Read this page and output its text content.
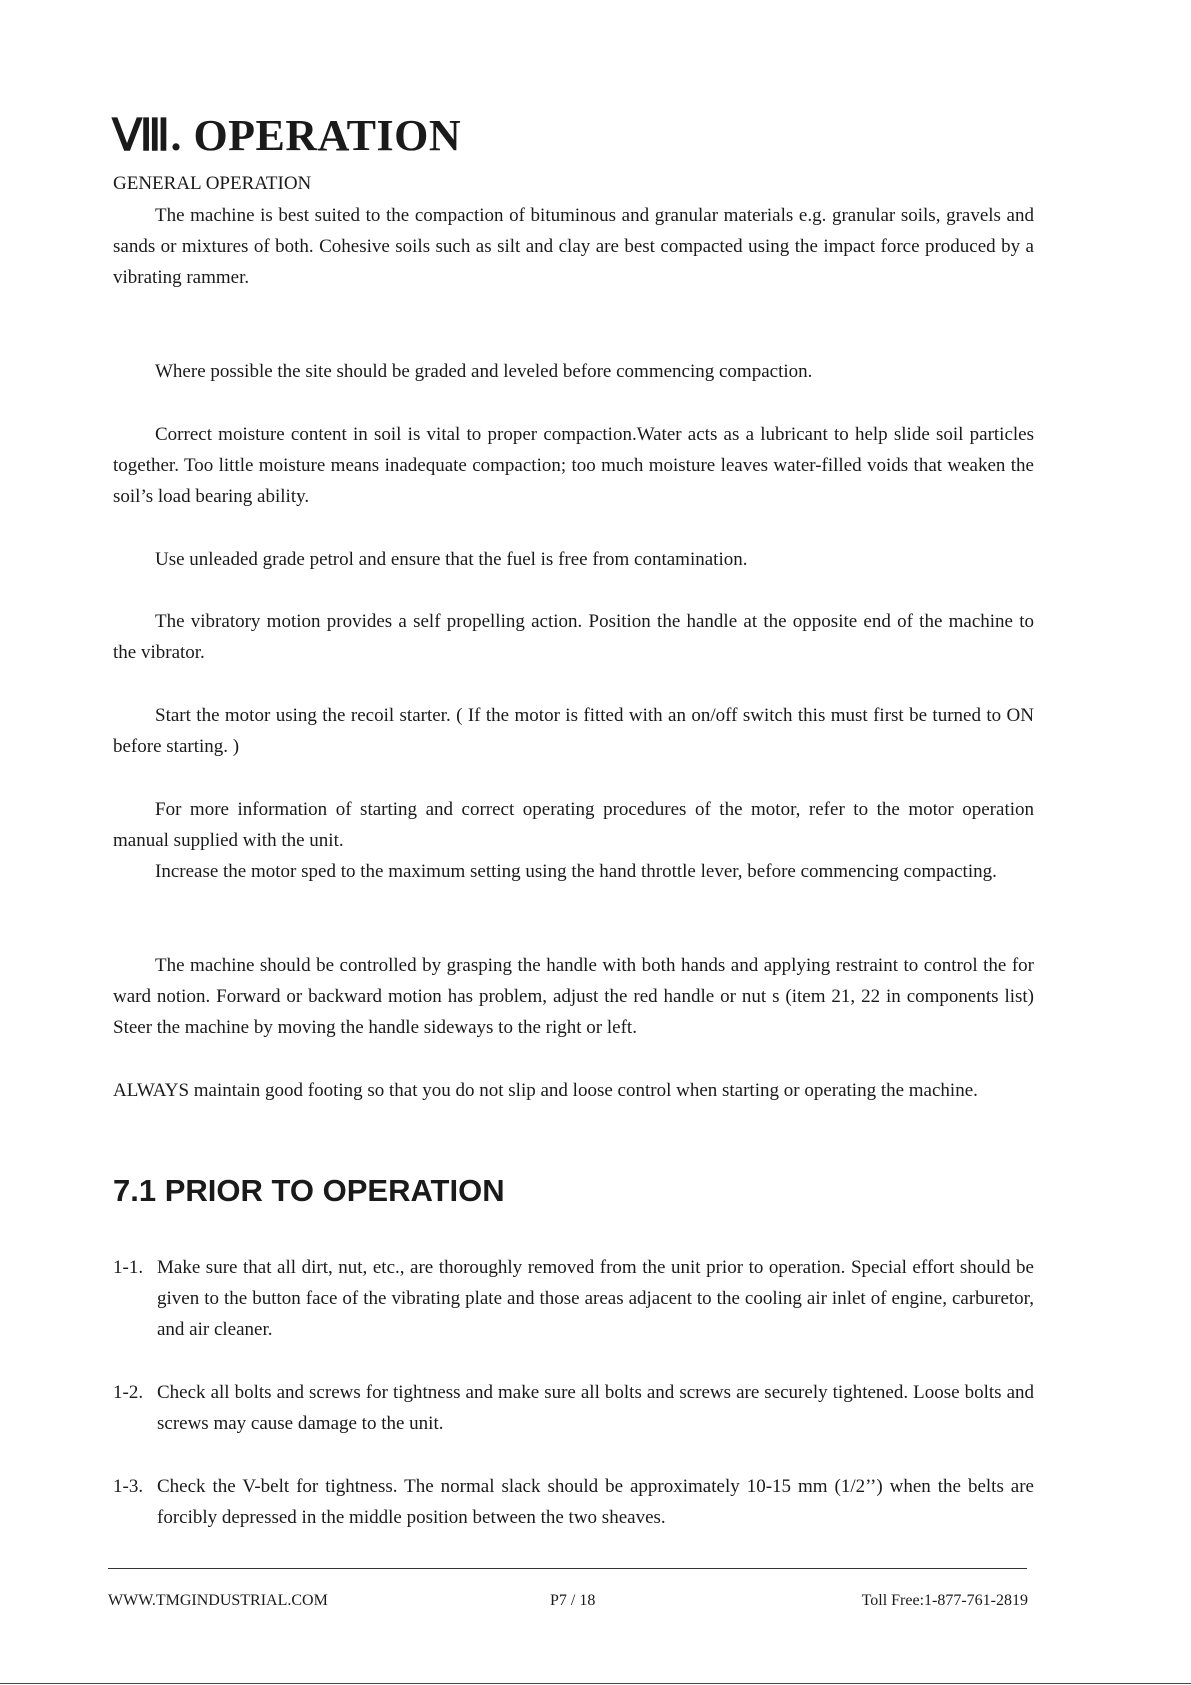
Ⅷ. OPERATION

GENERAL OPERATION

The machine is best suited to the compaction of bituminous and granular materials e.g. granular soils, gravels and sands or mixtures of both. Cohesive soils such as silt and clay are best compacted using the impact force produced by a vibrating rammer.

Where possible the site should be graded and leveled before commencing compaction.

Correct moisture content in soil is vital to proper compaction.Water acts as a lubricant to help slide soil particles together. Too little moisture means inadequate compaction; too much moisture leaves water-filled voids that weaken the soil’s load bearing ability.

Use unleaded grade petrol and ensure that the fuel is free from contamination.

The vibratory motion provides a self propelling action. Position the handle at the opposite end of the machine to the vibrator.

Start the motor using the recoil starter. ( If the motor is fitted with an on/off switch this must first be turned to ON before starting. )

For more information of starting and correct operating procedures of the motor, refer to the motor operation manual supplied with the unit.

Increase the motor sped to the maximum setting using the hand throttle lever, before commencing compacting.

The machine should be controlled by grasping the handle with both hands and applying restraint to control the for ward notion. Forward or backward motion has problem, adjust the red handle or nut s (item 21, 22 in components list) Steer the machine by moving the handle sideways to the right or left.

ALWAYS maintain good footing so that you do not slip and loose control when starting or operating the machine.

7.1 PRIOR TO OPERATION
1-1. Make sure that all dirt, nut, etc., are thoroughly removed from the unit prior to operation. Special effort should be given to the button face of the vibrating plate and those areas adjacent to the cooling air inlet of engine, carburetor, and air cleaner.
1-2. Check all bolts and screws for tightness and make sure all bolts and screws are securely tightened. Loose bolts and screws may cause damage to the unit.
1-3. Check the V-belt for tightness. The normal slack should be approximately 10-15 mm (1/2’’) when the belts are forcibly depressed in the middle position between the two sheaves.

WWW.TMGINDUSTRIAL.COM	P7 / 18	Toll Free:1-877-761-2819
